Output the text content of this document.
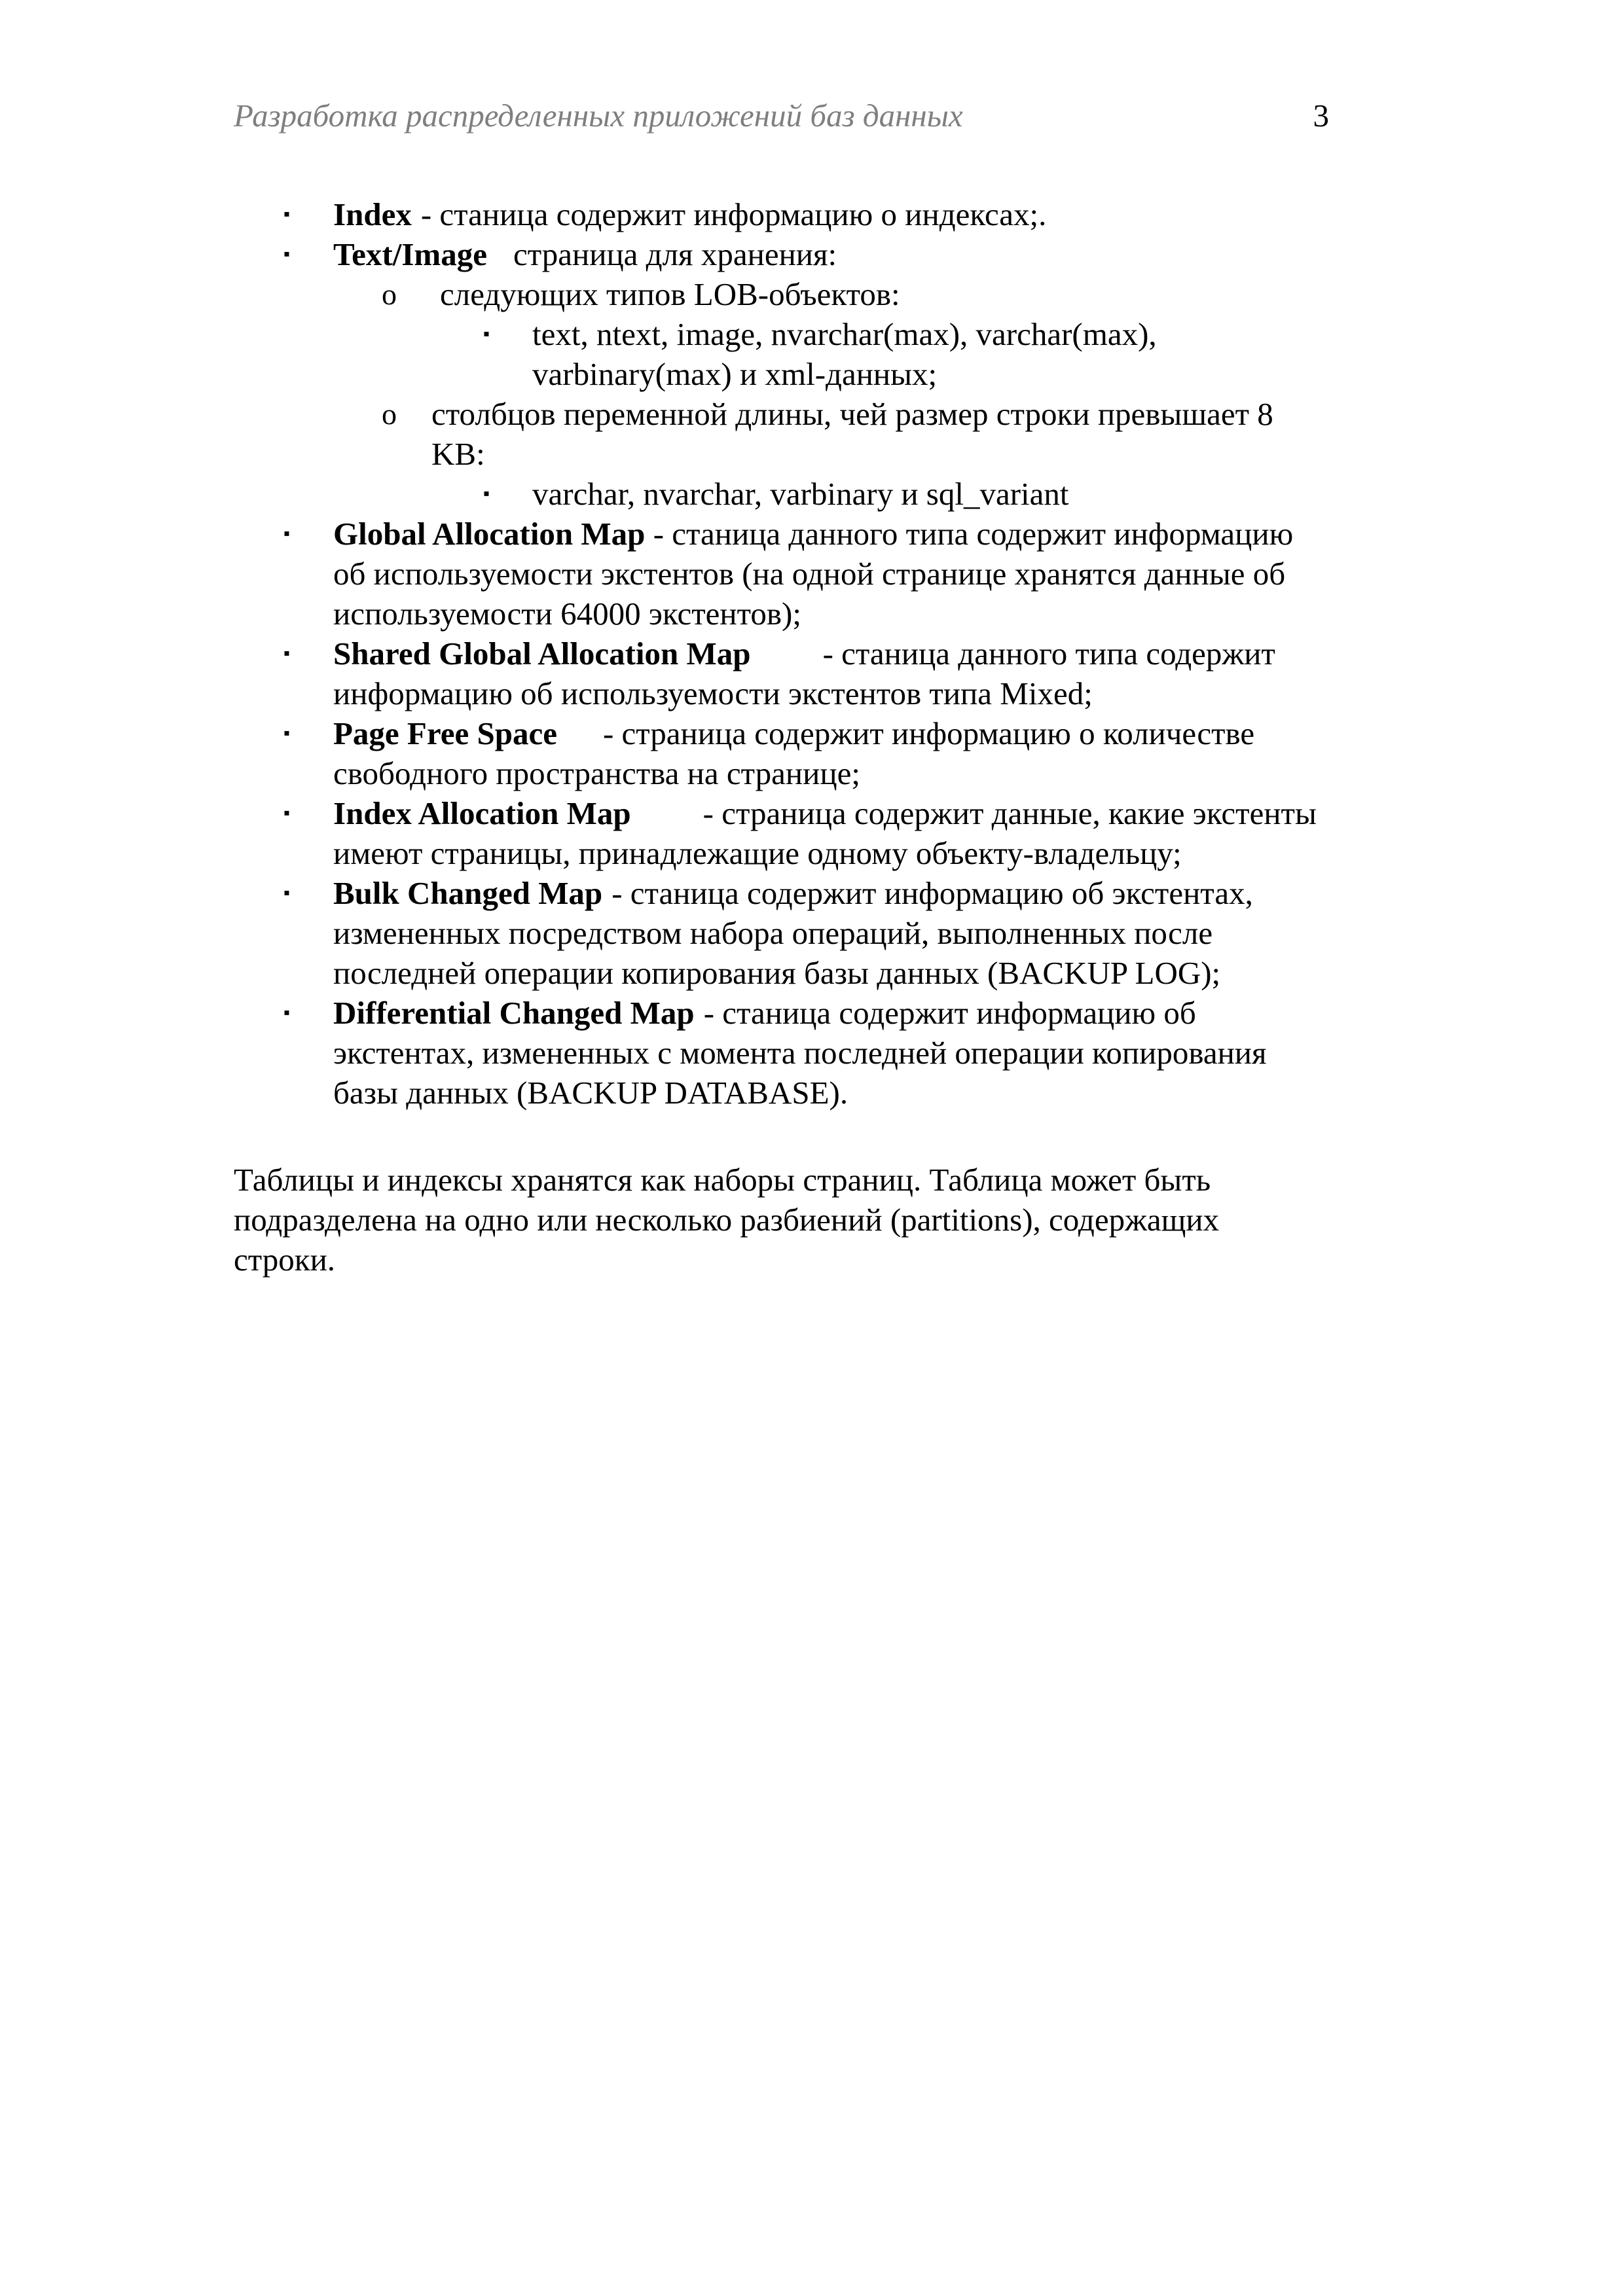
Разработка распределенных приложений баз данных	3
▪ Index - станица содержит информацию о индексах;.
▪ Text/Image страница для хранения:
o следующих типов LOB-объектов:
▪ text, ntext, image, nvarchar(max), varchar(max), varbinary(max) и xml-данных;
o столбцов переменной длины, чей размер строки превышает 8 KB:
▪ varchar, nvarchar, varbinary и sql_variant
▪ Global Allocation Map - станица данного типа содержит информацию об используемости экстентов (на одной странице хранятся данные об используемости 64000 экстентов);
▪ Shared Global Allocation Map - станица данного типа содержит информацию об используемости экстентов типа Mixed;
▪ Page Free Space - страница содержит информацию о количестве свободного пространства на странице;
▪ Index Allocation Map - страница содержит данные, какие экстенты имеют страницы, принадлежащие одному объекту-владельцу;
▪ Bulk Changed Map - станица содержит информацию об экстентах, измененных посредством набора операций, выполненных после последней операции копирования базы данных (BACKUP LOG);
▪ Differential Changed Map - станица содержит информацию об экстентах, измененных с момента последней операции копирования базы данных (BACKUP DATABASE).
Таблицы и индексы хранятся как наборы страниц. Таблица может быть подразделена на одно или несколько разбиений (partitions), содержащих строки.
